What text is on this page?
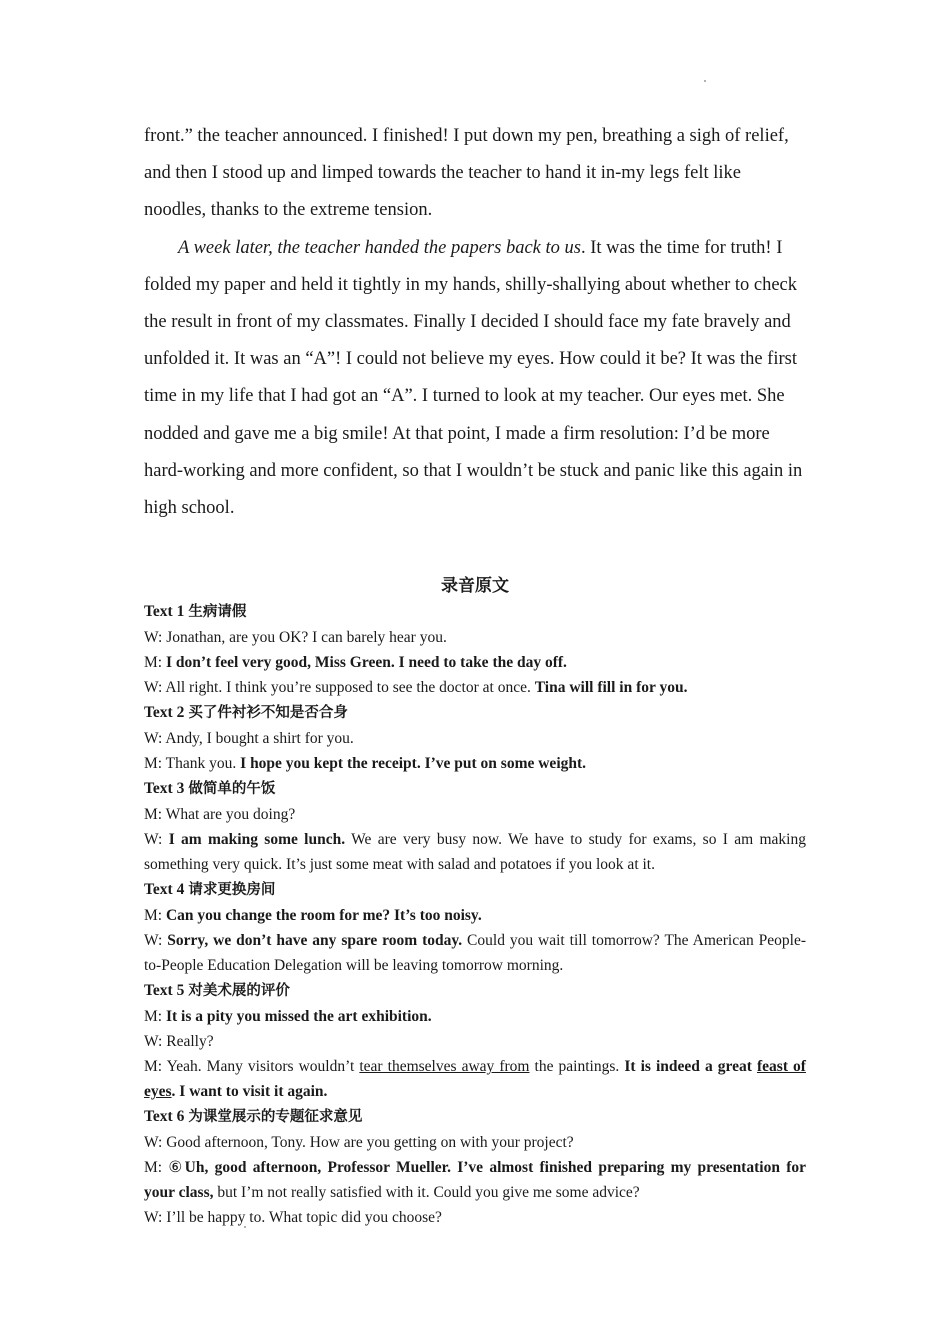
front.” the teacher announced. I finished! I put down my pen, breathing a sigh of relief, and then I stood up and limped towards the teacher to hand it in-my legs felt like noodles, thanks to the extreme tension.

A week later, the teacher handed the papers back to us. It was the time for truth! I folded my paper and held it tightly in my hands, shilly-shallying about whether to check the result in front of my classmates. Finally I decided I should face my fate bravely and unfolded it. It was an “A”! I could not believe my eyes. How could it be? It was the first time in my life that I had got an “A”. I turned to look at my teacher. Our eyes met. She nodded and gave me a big smile! At that point, I made a firm resolution: I’d be more hard-working and more confident, so that I wouldn’t be stuck and panic like this again in high school.

录音原文

Text 1 生病请假

W: Jonathan, are you OK? I can barely hear you.

M: I don’t feel very good, Miss Green. I need to take the day off.

W: All right. I think you’re supposed to see the doctor at once. Tina will fill in for you.

Text 2 买了件衬衫不知是否合身

W: Andy, I bought a shirt for you.

M: Thank you. I hope you kept the receipt. I’ve put on some weight.

Text 3 做简单的午饭

M: What are you doing?

W: I am making some lunch. We are very busy now. We have to study for exams, so I am making something very quick. It’s just some meat with salad and potatoes if you look at it.

Text 4 请求更换房间

M: Can you change the room for me? It’s too noisy.

W: Sorry, we don’t have any spare room today. Could you wait till tomorrow? The American People-to-People Education Delegation will be leaving tomorrow morning.

Text 5 对美术展的评价

M: It is a pity you missed the art exhibition.

W: Really?

M: Yeah. Many visitors wouldn’t tear themselves away from the paintings. It is indeed a great feast of eyes. I want to visit it again.

Text 6 为课堂展示的专题征求意见

W: Good afternoon, Tony. How are you getting on with your project?

M: ⑥Uh, good afternoon, Professor Mueller. I’ve almost finished preparing my presentation for your class, but I’m not really satisfied with it. Could you give me some advice?

W: I’ll be happy to. What topic did you choose?
